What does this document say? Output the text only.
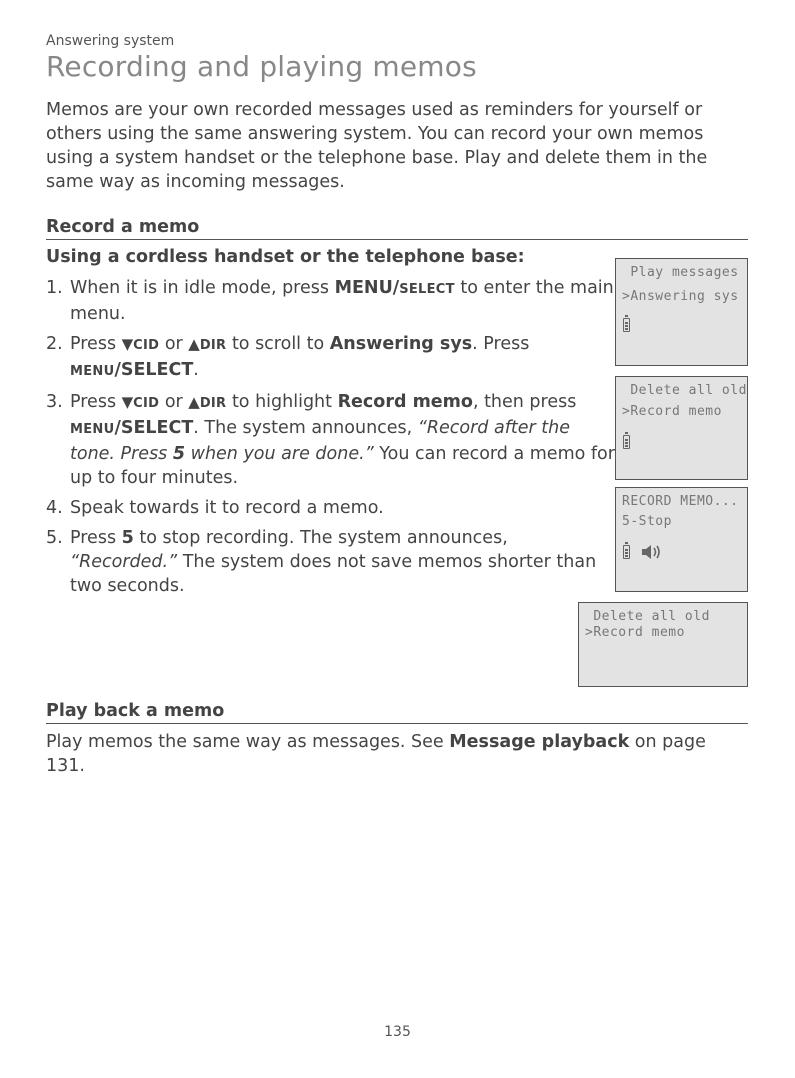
Answering system
Recording and playing memos

Memos are your own recorded messages used as reminders for yourself or others using the same answering system. You can record your own memos using a system handset or the telephone base. Play and delete them in the same way as incoming messages.

Record a memo
Using a cordless handset or the telephone base:
1. When it is in idle mode, press MENU/SELECT to enter the main menu.
2. Press ▼CID or ▲DIR to scroll to Answering sys. Press MENU/SELECT.
3. Press ▼CID or ▲DIR to highlight Record memo, then press MENU/SELECT. The system announces, “Record after the tone. Press 5 when you are done.” You can record a memo for up to four minutes.
4. Speak towards it to record a memo.
5. Press 5 to stop recording. The system announces, “Recorded.” The system does not save memos shorter than two seconds.
Play messages
>Answering sys
Delete all old
>Record memo
RECORD MEMO...
5-Stop
Delete all old
>Record memo
Play back a memo

Play memos the same way as messages. See Message playback on page 131.

135
